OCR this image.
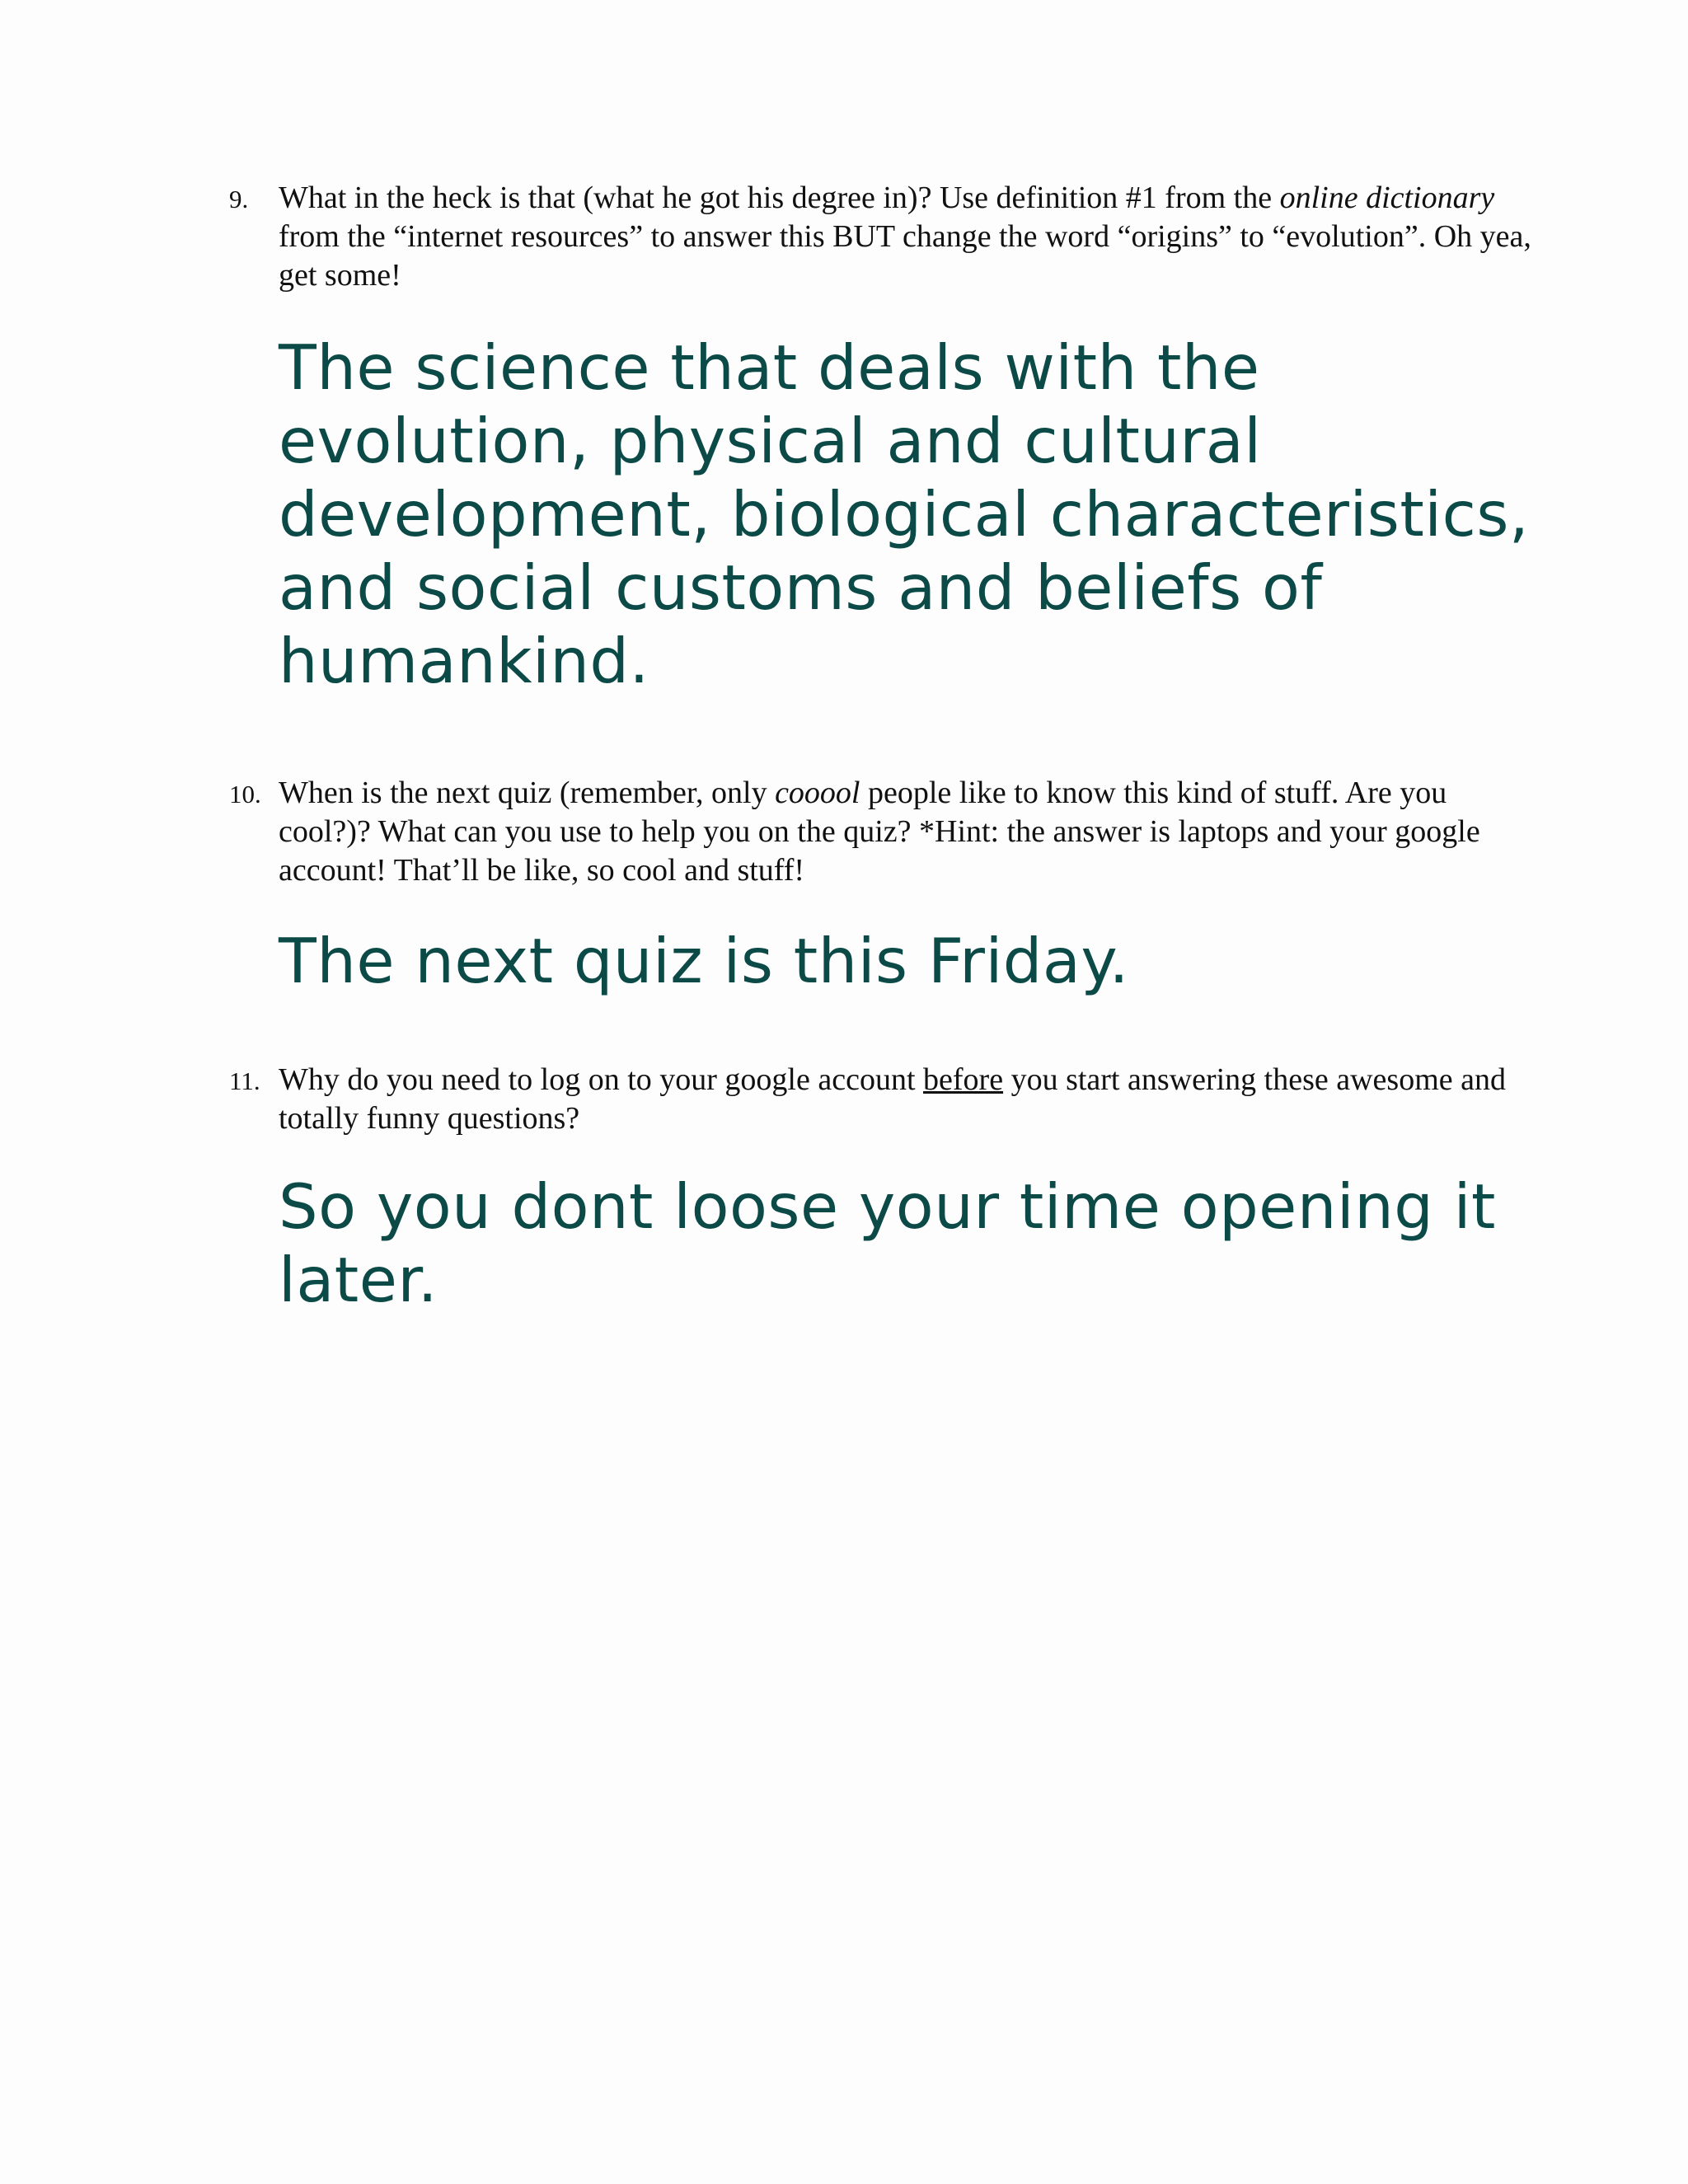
9. What in the heck is that (what he got his degree in)? Use definition #1 from the online dictionary from the “internet resources” to answer this BUT change the word “origins” to “evolution”. Oh yea, get some!
The science that deals with the evolution, physical and cultural development, biological characteristics, and social customs and beliefs of humankind.
10. When is the next quiz (remember, only cooool people like to know this kind of stuff. Are you cool?)? What can you use to help you on the quiz? *Hint: the answer is laptops and your google account! That’ll be like, so cool and stuff!
The next quiz is this Friday.
11. Why do you need to log on to your google account before you start answering these awesome and totally funny questions?
So you dont loose your time opening it later.
